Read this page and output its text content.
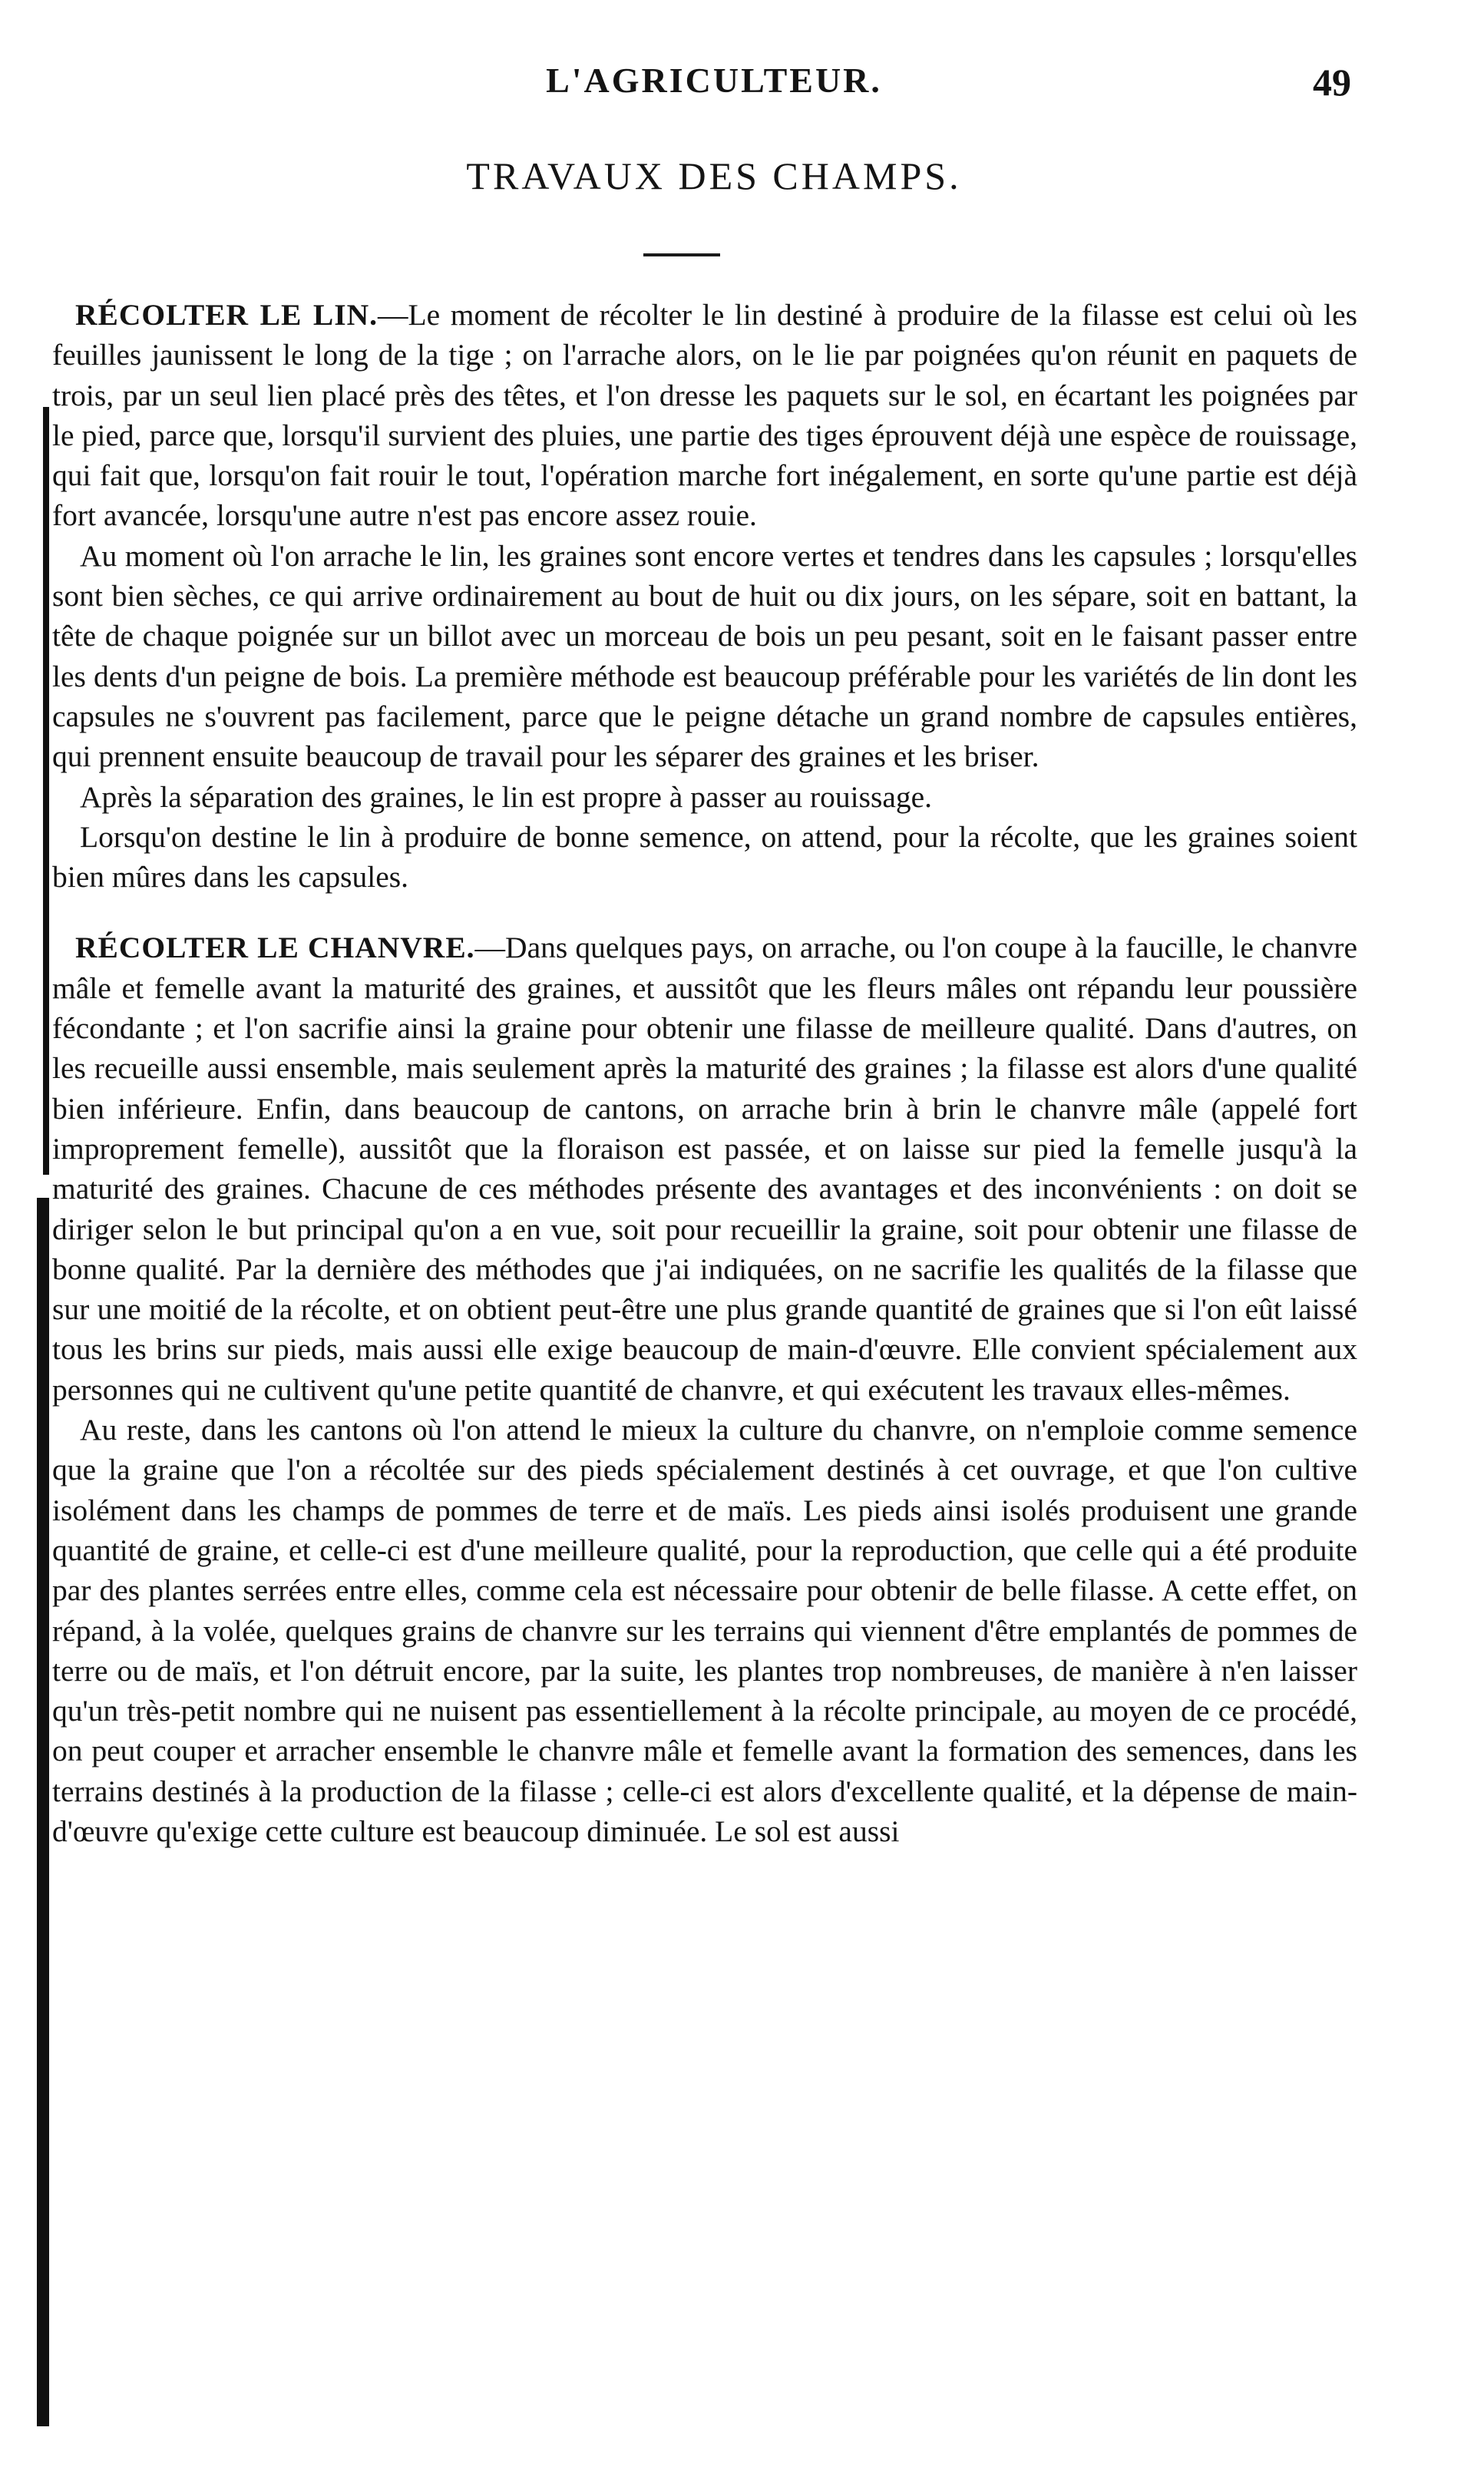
L'AGRICULTEUR.	49
TRAVAUX DES CHAMPS.

RÉCOLTER LE LIN.—Le moment de récolter le lin destiné à produire de la filasse est celui où les feuilles jaunissent le long de la tige ; on l'arrache alors, on le lie par poignées qu'on réunit en paquets de trois, par un seul lien placé près des têtes, et l'on dresse les paquets sur le sol, en écartant les poignées par le pied, parce que, lorsqu'il survient des pluies, une partie des tiges éprouvent déjà une espèce de rouissage, qui fait que, lorsqu'on fait rouir le tout, l'opération marche fort inégalement, en sorte qu'une partie est déjà fort avancée, lorsqu'une autre n'est pas encore assez rouie.

Au moment où l'on arrache le lin, les graines sont encore vertes et tendres dans les capsules ; lorsqu'elles sont bien sèches, ce qui arrive ordinairement au bout de huit ou dix jours, on les sépare, soit en battant, la tête de chaque poignée sur un billot avec un morceau de bois un peu pesant, soit en le faisant passer entre les dents d'un peigne de bois. La première méthode est beaucoup préférable pour les variétés de lin dont les capsules ne s'ouvrent pas facilement, parce que le peigne détache un grand nombre de capsules entières, qui prennent ensuite beaucoup de travail pour les séparer des graines et les briser.

Après la séparation des graines, le lin est propre à passer au rouissage.

Lorsqu'on destine le lin à produire de bonne semence, on attend, pour la récolte, que les graines soient bien mûres dans les capsules.

RÉCOLTER LE CHANVRE.—Dans quelques pays, on arrache, ou l'on coupe à la faucille, le chanvre mâle et femelle avant la maturité des graines, et aussitôt que les fleurs mâles ont répandu leur poussière fécondante ; et l'on sacrifie ainsi la graine pour obtenir une filasse de meilleure qualité. Dans d'autres, on les recueille aussi ensemble, mais seulement après la maturité des graines ; la filasse est alors d'une qualité bien inférieure. Enfin, dans beaucoup de cantons, on arrache brin à brin le chanvre mâle (appelé fort improprement femelle), aussitôt que la floraison est passée, et on laisse sur pied la femelle jusqu'à la maturité des graines. Chacune de ces méthodes présente des avantages et des inconvénients : on doit se diriger selon le but principal qu'on a en vue, soit pour recueillir la graine, soit pour obtenir une filasse de bonne qualité. Par la dernière des méthodes que j'ai indiquées, on ne sacrifie les qualités de la filasse que sur une moitié de la récolte, et on obtient peut-être une plus grande quantité de graines que si l'on eût laissé tous les brins sur pieds, mais aussi elle exige beaucoup de main-d'œuvre. Elle convient spécialement aux personnes qui ne cultivent qu'une petite quantité de chanvre, et qui exécutent les travaux elles-mêmes.

Au reste, dans les cantons où l'on attend le mieux la culture du chanvre, on n'emploie comme semence que la graine que l'on a récoltée sur des pieds spécialement destinés à cet ouvrage, et que l'on cultive isolément dans les champs de pommes de terre et de maïs. Les pieds ainsi isolés produisent une grande quantité de graine, et celle-ci est d'une meilleure qualité, pour la reproduction, que celle qui a été produite par des plantes serrées entre elles, comme cela est nécessaire pour obtenir de belle filasse. A cette effet, on répand, à la volée, quelques grains de chanvre sur les terrains qui viennent d'être emplantés de pommes de terre ou de maïs, et l'on détruit encore, par la suite, les plantes trop nombreuses, de manière à n'en laisser qu'un très-petit nombre qui ne nuisent pas essentiellement à la récolte principale, au moyen de ce procédé, on peut couper et arracher ensemble le chanvre mâle et femelle avant la formation des semences, dans les terrains destinés à la production de la filasse ; celle-ci est alors d'excellente qualité, et la dépense de main-d'œuvre qu'exige cette culture est beaucoup diminuée. Le sol est aussi
